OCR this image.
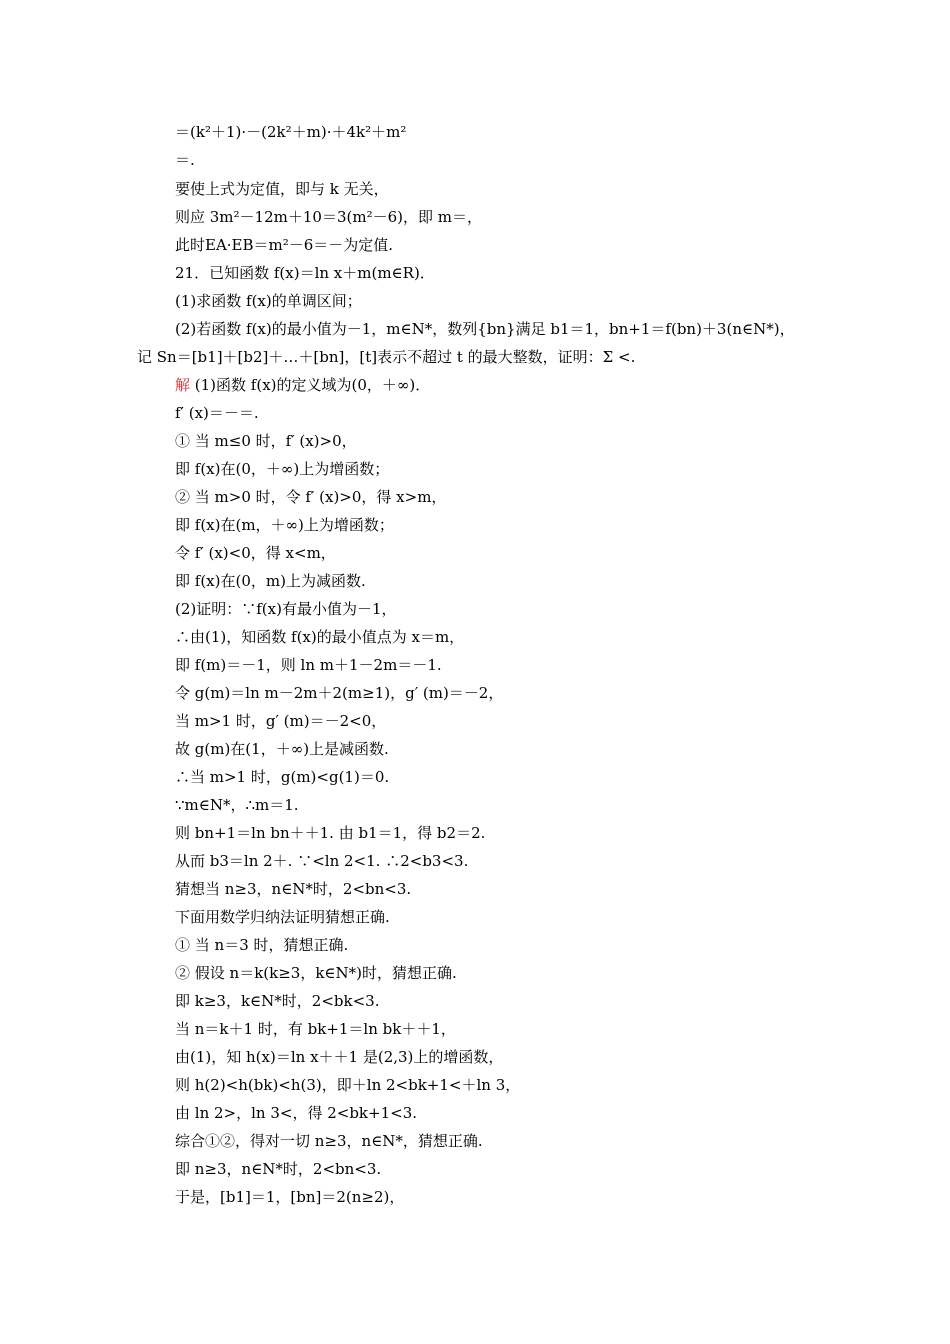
＝(k²＋1)·－(2k²＋m)·＋4k²＋m²
＝.
要使上式为定值，即与 k 无关，
则应 3m²－12m＋10＝3(m²－6)，即 m＝，
此时EA·EB＝m²－6＝－为定值.
21．已知函数 f(x)＝ln x＋m(m∈R)．
(1)求函数 f(x)的单调区间；
(2)若函数 f(x)的最小值为－1，m∈N*，数列{bn}满足 b1＝1，bn+1＝f(bn)＋3(n∈N*)，
记 Sn＝[b1]＋[b2]＋…＋[bn]，[t]表示不超过 t 的最大整数，证明：Σ <.
解 (1)函数 f(x)的定义域为(0，＋∞)．
f′ (x)＝－＝.
① 当 m≤0 时，f′ (x)>0，
即 f(x)在(0，＋∞)上为增函数；
② 当 m>0 时，令 f′ (x)>0，得 x>m，
即 f(x)在(m，＋∞)上为增函数；
令 f′ (x)<0，得 x<m，
即 f(x)在(0，m)上为减函数.
(2)证明：∵f(x)有最小值为－1，
∴由(1)，知函数 f(x)的最小值点为 x＝m，
即 f(m)＝－1，则 ln m＋1－2m＝－1.
令 g(m)＝ln m－2m＋2(m≥1)，g′ (m)＝－2，
当 m>1 时，g′ (m)＝－2<0，
故 g(m)在(1，＋∞)上是减函数.
∴当 m>1 时，g(m)<g(1)＝0.
∵m∈N*，∴m＝1.
则 bn+1＝ln bn＋＋1. 由 b1＝1，得 b2＝2.
从而 b3＝ln 2＋. ∵<ln 2<1. ∴2<b3<3.
猜想当 n≥3，n∈N*时，2<bn<3.
下面用数学归纳法证明猜想正确.
① 当 n＝3 时，猜想正确.
② 假设 n＝k(k≥3，k∈N*)时，猜想正确.
即 k≥3，k∈N*时，2<bk<3.
当 n＝k＋1 时，有 bk+1＝ln bk＋＋1，
由(1)，知 h(x)＝ln x＋＋1 是(2,3)上的增函数，
则 h(2)<h(bk)<h(3)，即＋ln 2<bk+1<＋ln 3，
由 ln 2>，ln 3<，得 2<bk+1<3.
综合①②，得对一切 n≥3，n∈N*，猜想正确.
即 n≥3，n∈N*时，2<bn<3.
于是，[b1]＝1，[bn]＝2(n≥2)，
